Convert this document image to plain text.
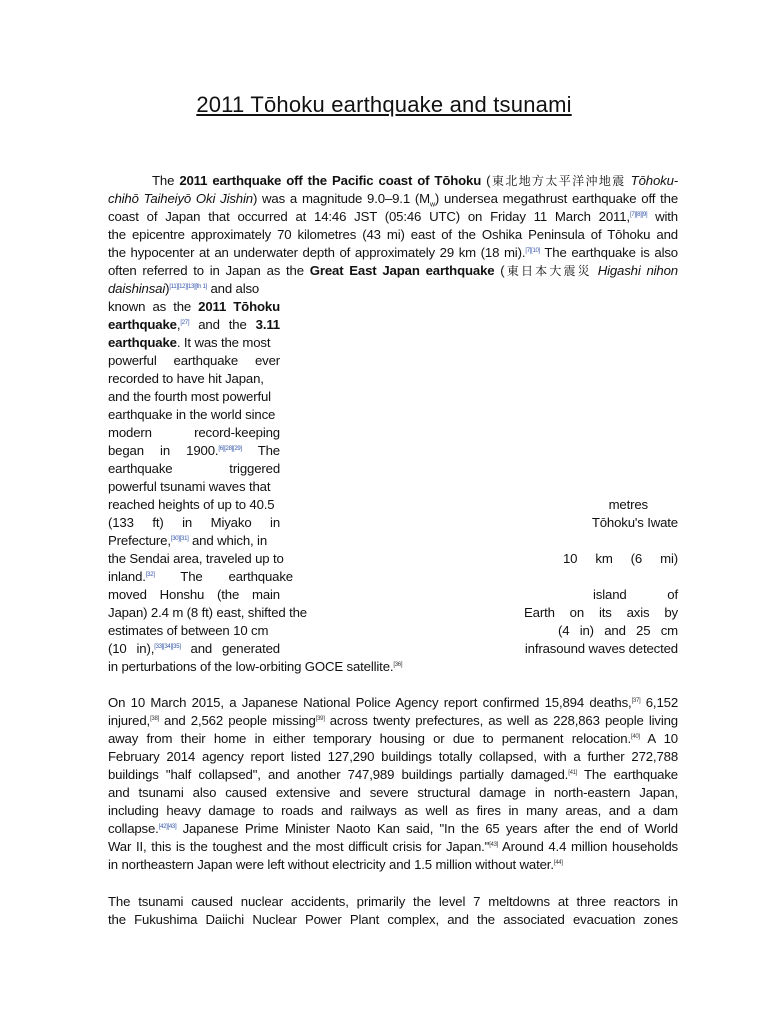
2011 Tōhoku earthquake and tsunami
The 2011 earthquake off the Pacific coast of Tōhoku (東北地方太平洋沖地震 Tōhoku-
chihō Taiheiyō Oki Jishin) was a magnitude 9.0–9.1 $(M_w)$ undersea megathrust earthquake off the
coast of Japan that occurred at 14:46 JST (05:46 UTC) on Friday 11 March 2011,[7][8][9] with
the epicentre approximately 70 kilometres (43 mi) east of the Oshika Peninsula of Tōhoku and
the hypocenter at an underwater depth of approximately 29 km (18 mi).[7][10] The earthquake is also
often referred to in Japan as the Great East Japan earthquake (東日本大震災 Higashi nihon
daishinsai)[11][12][13][fn 1] and also
known as the 2011 Tōhoku
earthquake,[27] and the 3.11
earthquake. It was the most
powerful earthquake ever
recorded to have hit Japan,
and the fourth most powerful
earthquake in the world since
modern record-keeping
began in 1900.[6][28][29] The
earthquake triggered
powerful tsunami waves that
reached heights of up to 40.5	metres
(133 ft) in Miyako in	Tōhoku's Iwate
Prefecture,[30][31] and which, in
the Sendai area, traveled up to	10 km (6 mi)
inland.[32] The earthquake
moved Honshu (the main	island of
Japan) 2.4 m (8 ft) east, shifted the	Earth on its axis by
estimates of between 10 cm	(4 in) and 25 cm
(10 in),[33][34][35] and generated	infrasound waves detected
in perturbations of the low-orbiting GOCE satellite.[36]
On 10 March 2015, a Japanese National Police Agency report confirmed 15,894 deaths,[37] 6,152
injured,[38] and 2,562 people missing[39] across twenty prefectures, as well as 228,863 people living
away from their home in either temporary housing or due to permanent relocation.[40] A 10
February 2014 agency report listed 127,290 buildings totally collapsed, with a further 272,788
buildings "half collapsed", and another 747,989 buildings partially damaged.[41] The earthquake
and tsunami also caused extensive and severe structural damage in north-eastern Japan,
including heavy damage to roads and railways as well as fires in many areas, and a dam
collapse.[42][43] Japanese Prime Minister Naoto Kan said, "In the 65 years after the end of World
War II, this is the toughest and the most difficult crisis for Japan."[43] Around 4.4 million households
in northeastern Japan were left without electricity and 1.5 million without water.[44]
The tsunami caused nuclear accidents, primarily the level 7 meltdowns at three reactors in
the Fukushima Daiichi Nuclear Power Plant complex, and the associated evacuation zones
